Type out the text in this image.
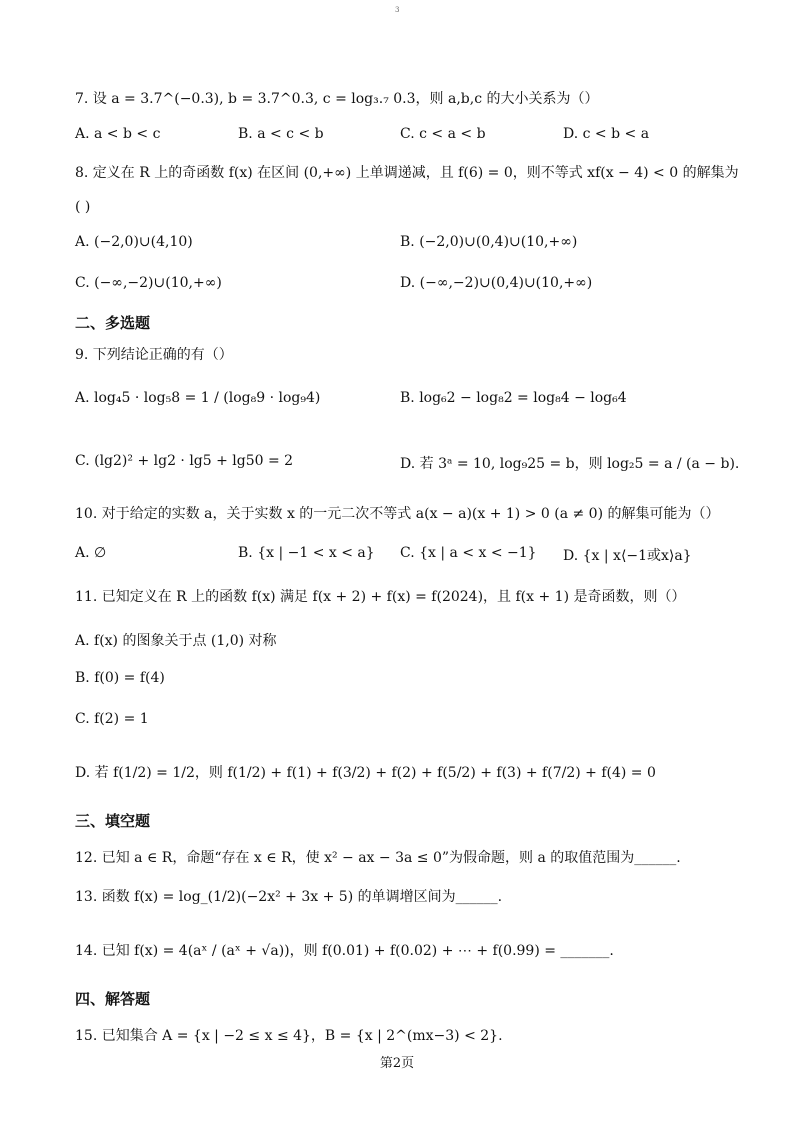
3
7. 设 a = 3.7^(−0.3), b = 3.7^0.3, c = log₃.₇ 0.3，则 a,b,c 的大小关系为（）
A. a < b < c	B. a < c < b	C. c < a < b	D. c < b < a
8. 定义在 R 上的奇函数 f(x) 在区间 (0,+∞) 上单调递减，且 f(6) = 0，则不等式 xf(x − 4) < 0 的解集为
( )
A. (−2,0)∪(4,10)	B. (−2,0)∪(0,4)∪(10,+∞)
C. (−∞,−2)∪(10,+∞)	D. (−∞,−2)∪(0,4)∪(10,+∞)
二、多选题
9. 下列结论正确的有（）
A. log₄5 · log₅8 = 1 / (log₈9 · log₉4)	B. log₆2 − log₈2 = log₈4 − log₆4
C. (lg2)² + lg2 · lg5 + lg50 = 2	D. 若 3ᵃ = 10, log₉25 = b，则 log₂5 = a / (a − b).
10. 对于给定的实数 a，关于实数 x 的一元二次不等式 a(x − a)(x + 1) > 0 (a ≠ 0) 的解集可能为（）
A. ∅	B. {x | −1 < x < a} C. {x | a < x < −1} D. {x | x⟨−1或x⟩a}
11. 已知定义在 R 上的函数 f(x) 满足 f(x + 2) + f(x) = f(2024)，且 f(x + 1) 是奇函数，则（）
A. f(x) 的图象关于点 (1,0) 对称
B. f(0) = f(4)
C. f(2) = 1
D. 若 f(1/2) = 1/2，则 f(1/2) + f(1) + f(3/2) + f(2) + f(5/2) + f(3) + f(7/2) + f(4) = 0
三、填空题
12. 已知 a ∈ R，命题“存在 x ∈ R，使 x² − ax − 3a ≤ 0”为假命题，则 a 的取值范围为______.
13. 函数 f(x) = log_(1/2)(−2x² + 3x + 5) 的单调增区间为______.
14. 已知 f(x) = 4(aˣ / (aˣ + √a))，则 f(0.01) + f(0.02) + ⋯ + f(0.99) = _______.
四、解答题
15. 已知集合 A = {x | −2 ≤ x ≤ 4}，B = {x | 2^(mx−3) < 2}.
第2页
